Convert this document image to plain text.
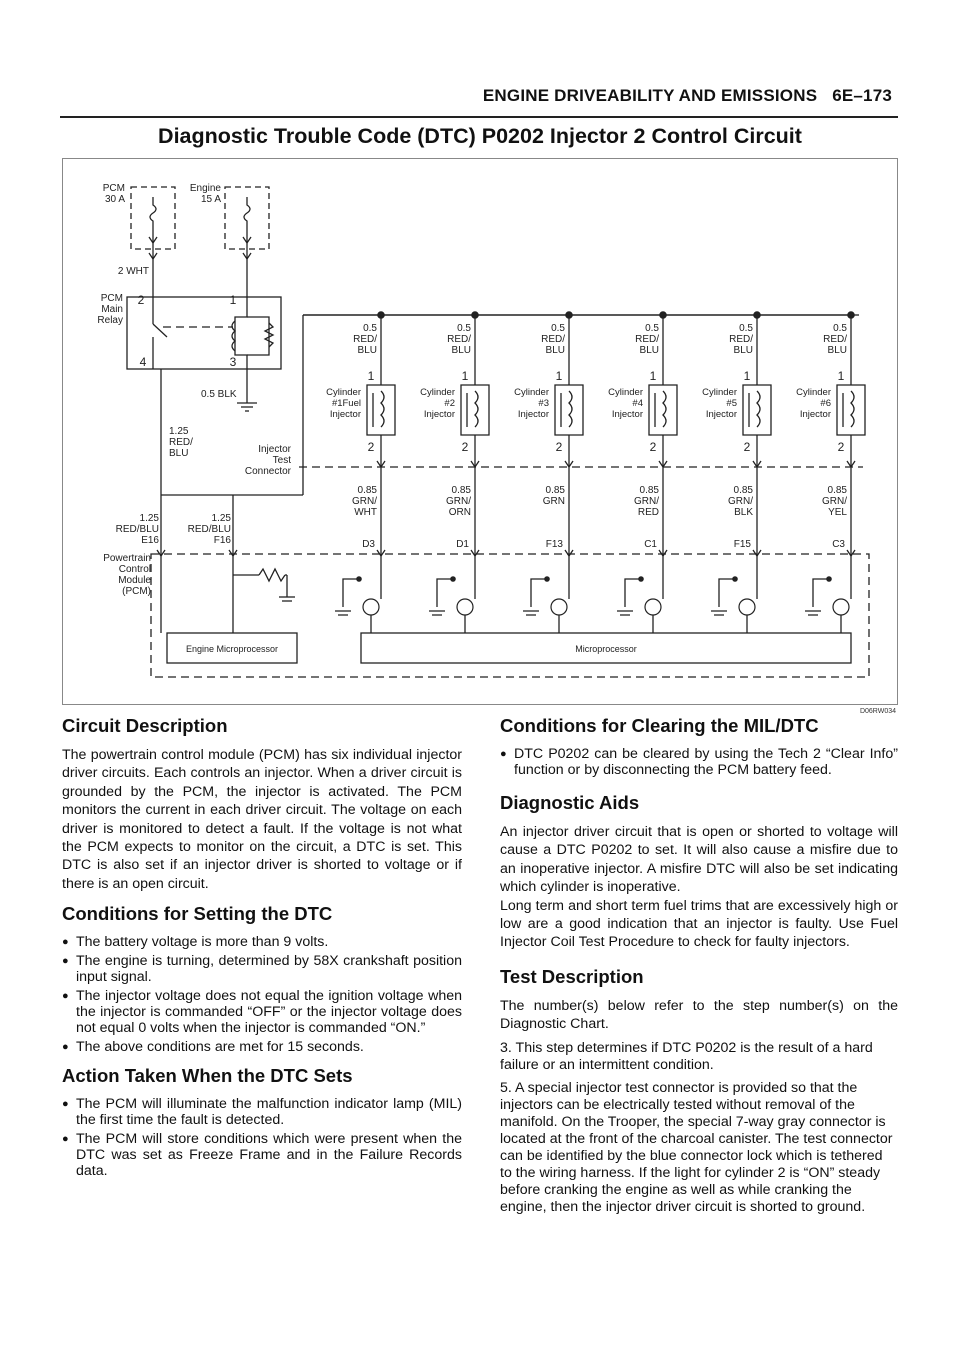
ENGINE DRIVEABILITY AND EMISSIONS 6E–173
Diagnostic Trouble Code (DTC) P0202 Injector 2 Control Circuit
PCM
30 A
Engine
15 A
2 WHT
PCM
Main
Relay
2	1
4	3
0.5 BLK
1.25
RED/
BLU	Injector
Test
Connector
1.25
RED/BLU
E16
1.25
RED/BLU
F16
Powertrain
Control
Module
(PCM)
Engine Microprocessor	Microprocessor
0.5
RED/
BLU
1
Cylinder
#1Fuel
Injector
2
0.85
GRN/
WHT
D3
0.5
RED/
BLU
1
Cylinder
#2
Injector
2
0.85
GRN/
ORN
D1
0.5
RED/
BLU
1
Cylinder
#3
Injector
2
0.85
GRN
F13
0.5
RED/
BLU
1
Cylinder
#4
Injector
2
0.85
GRN/
RED
C1
0.5
RED/
BLU
1
Cylinder
#5
Injector
2
0.85
GRN/
BLK
F15
0.5
RED/
BLU
1
Cylinder
#6
Injector
2
0.85
GRN/
YEL
C3
D06RW034
Circuit Description

The powertrain control module (PCM) has six individual injector driver circuits. Each controls an injector. When a driver circuit is grounded by the PCM, the injector is activated. The PCM monitors the current in each driver circuit. The voltage on each driver is monitored to detect a fault. If the voltage is not what the PCM expects to monitor on the circuit, a DTC is set. This DTC is also set if an injector driver is shorted to voltage or if there is an open circuit.

Conditions for Setting the DTC
● The battery voltage is more than 9 volts.
● The engine is turning, determined by 58X crankshaft position input signal.
● The injector voltage does not equal the ignition voltage when the injector is commanded “OFF” or the injector voltage does not equal 0 volts when the injector is commanded “ON.”
● The above conditions are met for 15 seconds.
Action Taken When the DTC Sets
● The PCM will illuminate the malfunction indicator lamp (MIL) the first time the fault is detected.
● The PCM will store conditions which were present when the DTC was set as Freeze Frame and in the Failure Records data.
Conditions for Clearing the MIL/DTC
● DTC P0202 can be cleared by using the Tech 2 “Clear Info” function or by disconnecting the PCM battery feed.
Diagnostic Aids

An injector driver circuit that is open or shorted to voltage will cause a DTC P0202 to set. It will also cause a misfire due to an inoperative injector. A misfire DTC will also be set indicating which cylinder is inoperative.

Long term and short term fuel trims that are excessively high or low are a good indication that an injector is faulty. Use Fuel Injector Coil Test Procedure to check for faulty injectors.

Test Description

The number(s) below refer to the step number(s) on the Diagnostic Chart.

3. This step determines if DTC P0202 is the result of a hard failure or an intermittent condition.
5. A special injector test connector is provided so that the injectors can be electrically tested without removal of the manifold. On the Trooper, the special 7-way gray connector is located at the front of the charcoal canister. The test connector can be identified by the blue connector lock which is tethered to the wiring harness. If the light for cylinder 2 is “ON” steady before cranking the engine as well as while cranking the engine, then the injector driver circuit is shorted to ground.
